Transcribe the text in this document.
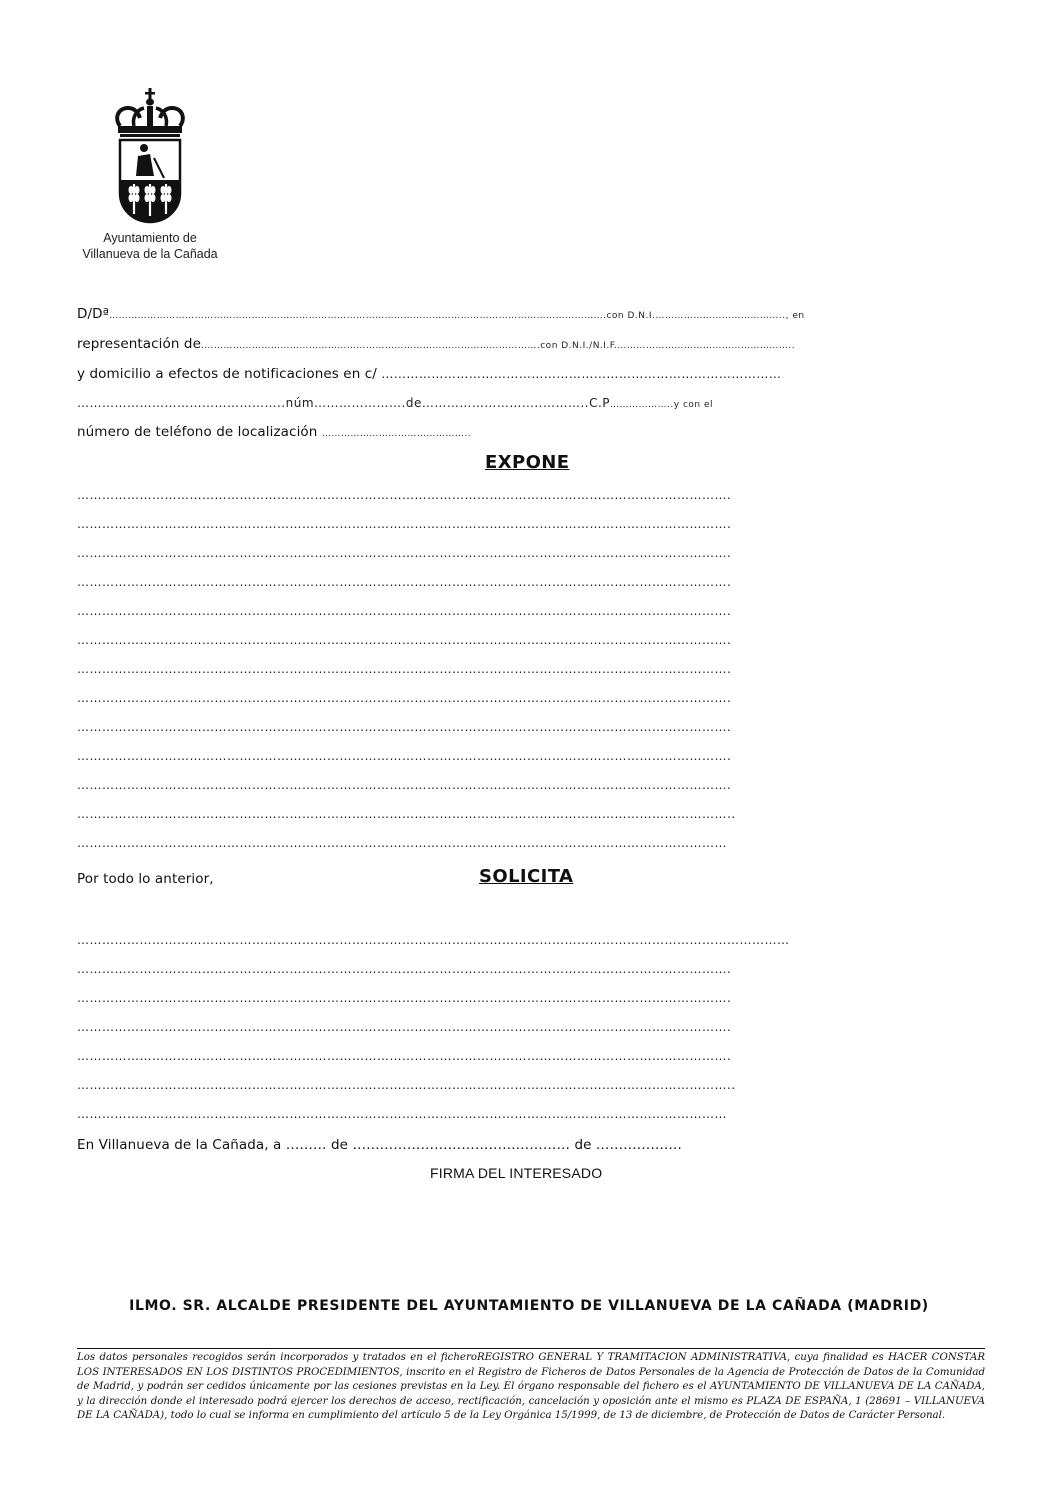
Ayuntamiento de
Villanueva de la Cañada
D/Dª………………………………………………………………………………………………………………………………………….con D.N.I.………………………………….., en
representación de.…………………………………………………………………………………………….con D.N.I./N.I.F.………………………………………………..
y domicilio a efectos de notificaciones en c/ ……………………………………………………………………………………
…………………………………………..núm………………….de………………………..………..C.P………………..y con el
número de teléfono de localización ………………………………………..
EXPONE
………………………………………………………………………………………………………………………………………….
………………………………………………………………………………………………………………………………………….
………………………………………………………………………………………………………………………………………….
………………………………………………………………………………………………………………………………………….
………………………………………………………………………………………………………………………………………….
………………………………………………………………………………………………………………………………………….
………………………………………………………………………………………………………………………………………….
………………………………………………………………………………………………………………………………………….
………………………………………………………………………………………………………………………………………….
………………………………………………………………………………………………………………………………………….
………………………………………………………………………………………………………………………………………….
…………………………………………………………………………………………………………………………………………..
…………………………………………………………………………………………………………………………………………
Por todo lo anterior,	SOLICITA
………………………………………………………………………………………………………………………………………………………
………………………………………………………………………………………………………………………………………….
………………………………………………………………………………………………………………………………………….
………………………………………………………………………………………………………………………………………….
………………………………………………………………………………………………………………………………………….
…………………………………………………………………………………………………………………………………………..
…………………………………………………………………………………………………………………………………………
En Villanueva de la Cañada, a ……… de ………………………………………… de ……………….
FIRMA DEL INTERESADO
ILMO. SR. ALCALDE PRESIDENTE DEL AYUNTAMIENTO DE VILLANUEVA DE LA CAÑADA (MADRID)
Los datos personales recogidos serán incorporados y tratados en el ficheroREGISTRO GENERAL Y TRAMITACION ADMINISTRATIVA, cuya finalidad es HACER CONSTAR LOS INTERESADOS EN LOS DISTINTOS PROCEDIMIENTOS, inscrito en el Registro de Ficheros de Datos Personales de la Agencia de Protección de Datos de la Comunidad de Madrid, y podrán ser cedidos únicamente por las cesiones previstas en la Ley. El órgano responsable del fichero es el AYUNTAMIENTO DE VILLANUEVA DE LA CAÑADA, y la dirección donde el interesado podrá ejercer los derechos de acceso, rectificación, cancelación y oposición ante el mismo es PLAZA DE ESPAÑA, 1 (28691 – VILLANUEVA DE LA CAÑADA), todo lo cual se informa en cumplimiento del artículo 5 de la Ley Orgánica 15/1999, de 13 de diciembre, de Protección de Datos de Carácter Personal.
